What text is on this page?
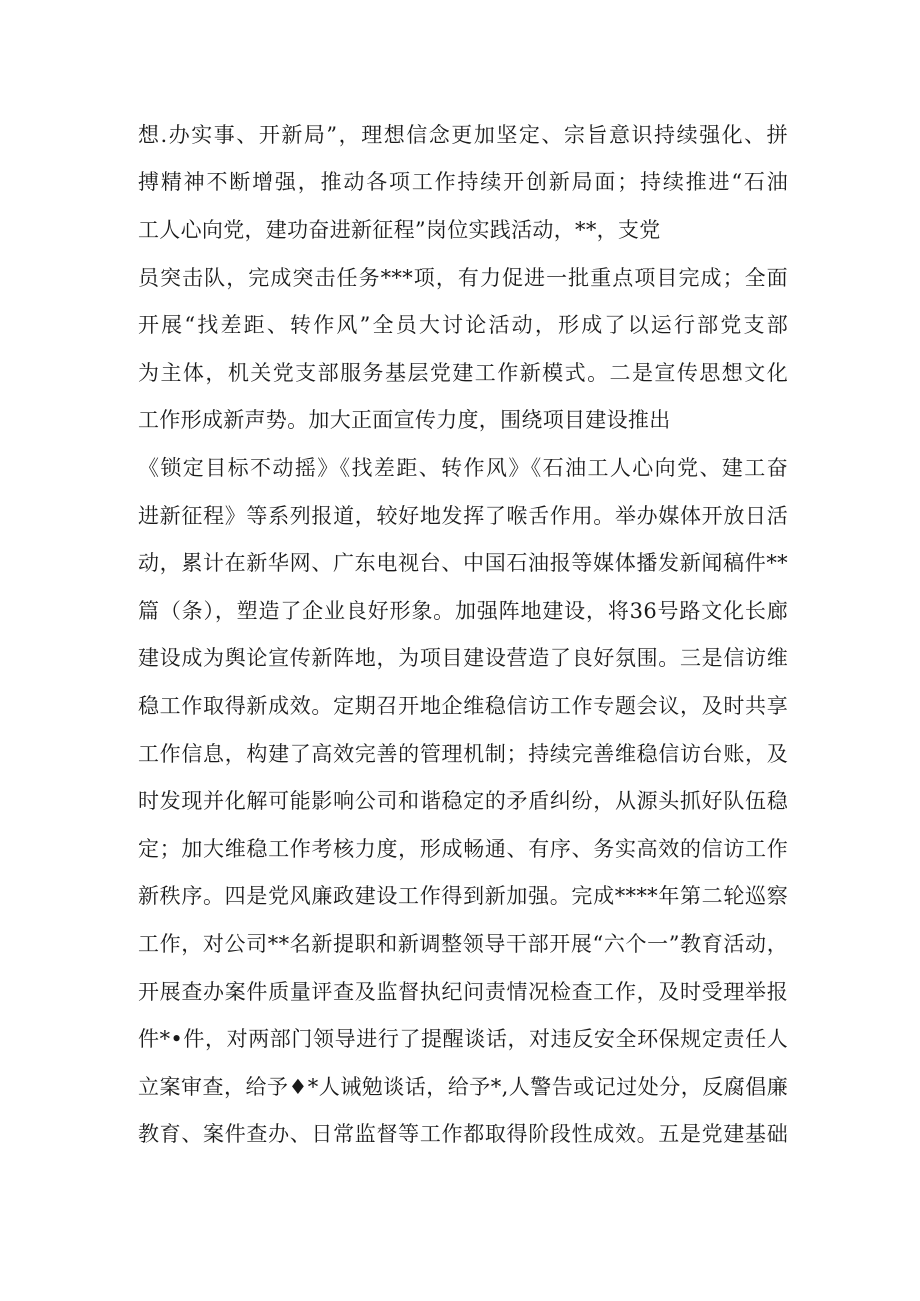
想.办实事、开新局”，理想信念更加坚定、宗旨意识持续强化、拼
搏精神不断增强，推动各项工作持续开创新局面；持续推进“石油
工人心向党，建功奋进新征程”岗位实践活动，**，支党
员突击队，完成突击任务***项，有力促进一批重点项目完成；全面
开展“找差距、转作风”全员大讨论活动，形成了以运行部党支部
为主体，机关党支部服务基层党建工作新模式。二是宣传思想文化
工作形成新声势。加大正面宣传力度，围绕项目建设推出
《锁定目标不动摇》《找差距、转作风》《石油工人心向党、建工奋
进新征程》等系列报道，较好地发挥了喉舌作用。举办媒体开放日活
动，累计在新华网、广东电视台、中国石油报等媒体播发新闻稿件**
篇（条），塑造了企业良好形象。加强阵地建设，将36号路文化长廊
建设成为舆论宣传新阵地，为项目建设营造了良好氛围。三是信访维
稳工作取得新成效。定期召开地企维稳信访工作专题会议，及时共享
工作信息，构建了高效完善的管理机制；持续完善维稳信访台账，及
时发现并化解可能影响公司和谐稳定的矛盾纠纷，从源头抓好队伍稳
定；加大维稳工作考核力度，形成畅通、有序、务实高效的信访工作
新秩序。四是党风廉政建设工作得到新加强。完成****年第二轮巡察
工作，对公司**名新提职和新调整领导干部开展“六个一”教育活动，
开展查办案件质量评查及监督执纪问责情况检查工作，及时受理举报
件*•件，对两部门领导进行了提醒谈话，对违反安全环保规定责任人
立案审查，给予♦*人诫勉谈话，给予*,人警告或记过处分，反腐倡廉
教育、案件查办、日常监督等工作都取得阶段性成效。五是党建基础
